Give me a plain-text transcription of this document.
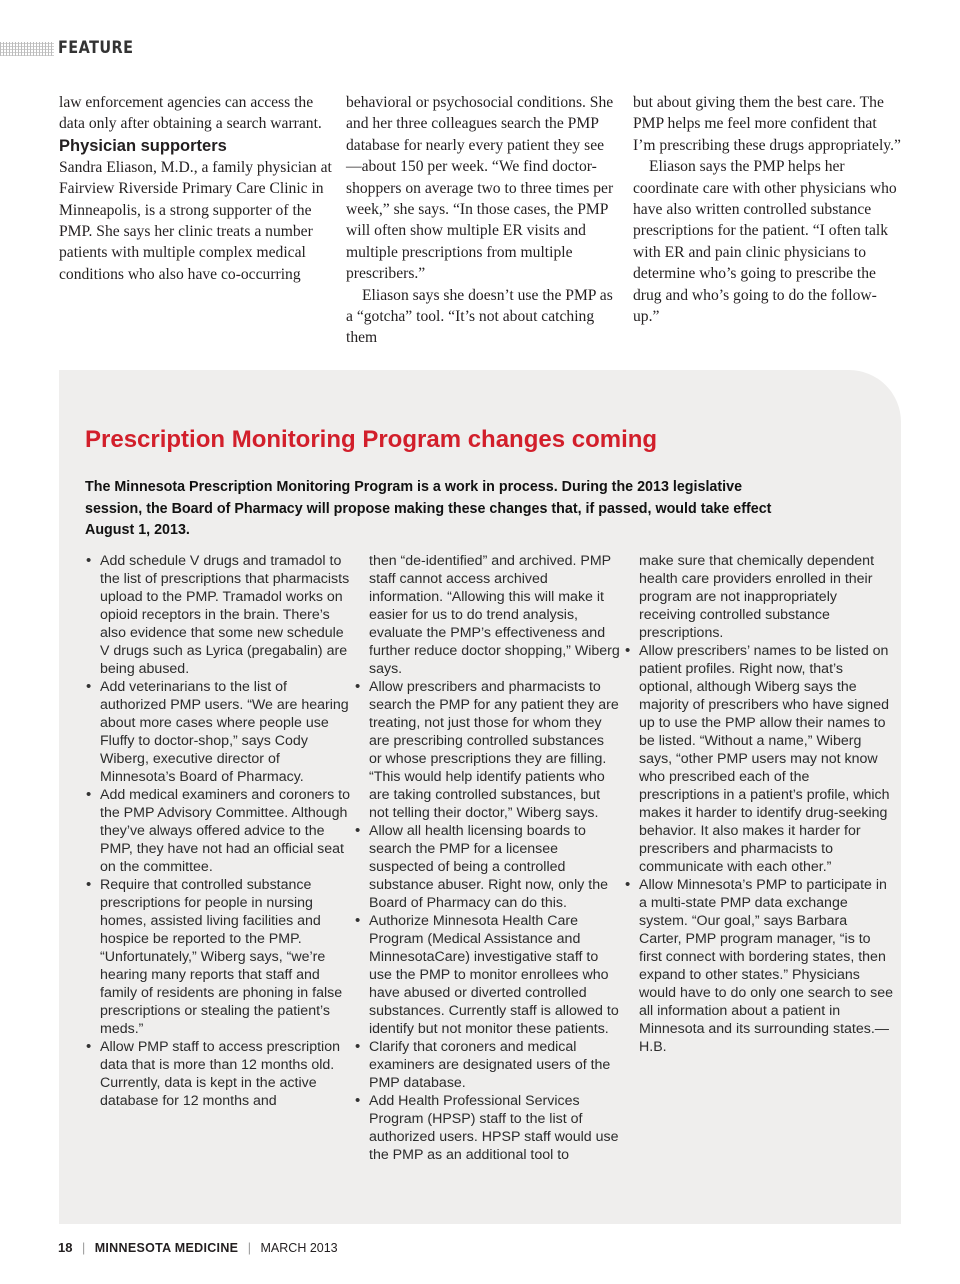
FEATURE

law enforcement agencies can access the data only after obtaining a search warrant.

Physician supporters

Sandra Eliason, M.D., a family physician at Fairview Riverside Primary Care Clinic in Minneapolis, is a strong supporter of the PMP. She says her clinic treats a number patients with multiple complex medical conditions who also have co-occurring

behavioral or psychosocial conditions. She and her three colleagues search the PMP database for nearly every patient they see—about 150 per week. “We find doctor-shoppers on average two to three times per week,” she says. “In those cases, the PMP will often show multiple ER visits and multiple prescriptions from multiple prescribers.”

Eliason says she doesn’t use the PMP as a “gotcha” tool. “It’s not about catching them

but about giving them the best care. The PMP helps me feel more confident that I’m prescribing these drugs appropriately.”

Eliason says the PMP helps her coordinate care with other physicians who have also written controlled substance prescriptions for the patient. “I often talk with ER and pain clinic physicians to determine who’s going to prescribe the drug and who’s going to do the follow-up.”

Prescription Monitoring Program changes coming

The Minnesota Prescription Monitoring Program is a work in process. During the 2013 legislative session, the Board of Pharmacy will propose making these changes that, if passed, would take effect August 1, 2013.

• Add schedule V drugs and tramadol to the list of prescriptions that pharmacists upload to the PMP. Tramadol works on opioid receptors in the brain. There’s also evidence that some new schedule V drugs such as Lyrica (pregabalin) are being abused.
• Add veterinarians to the list of authorized PMP users. “We are hearing about more cases where people use Fluffy to doctor-shop,” says Cody Wiberg, executive director of Minnesota’s Board of Pharmacy.
• Add medical examiners and coroners to the PMP Advisory Committee. Although they’ve always offered advice to the PMP, they have not had an official seat on the committee.
• Require that controlled substance prescriptions for people in nursing homes, assisted living facilities and hospice be reported to the PMP. “Unfortunately,” Wiberg says, “we’re hearing many reports that staff and family of residents are phoning in false prescriptions or stealing the patient’s meds.”
• Allow PMP staff to access prescription data that is more than 12 months old. Currently, data is kept in the active database for 12 months and

then “de-identified” and archived. PMP staff cannot access archived information. “Allowing this will make it easier for us to do trend analysis, evaluate the PMP’s effectiveness and further reduce doctor shopping,” Wiberg says.

• Allow prescribers and pharmacists to search the PMP for any patient they are treating, not just those for whom they are prescribing controlled substances or whose prescriptions they are filling. “This would help identify patients who are taking controlled substances, but not telling their doctor,” Wiberg says.
• Allow all health licensing boards to search the PMP for a licensee suspected of being a controlled substance abuser. Right now, only the Board of Pharmacy can do this.
• Authorize Minnesota Health Care Program (Medical Assistance and MinnesotaCare) investigative staff to use the PMP to monitor enrollees who have abused or diverted controlled substances. Currently staff is allowed to identify but not monitor these patients.
• Clarify that coroners and medical examiners are designated users of the PMP database.
• Add Health Professional Services Program (HPSP) staff to the list of authorized users. HPSP staff would use the PMP as an additional tool to

make sure that chemically dependent health care providers enrolled in their program are not inappropriately receiving controlled substance prescriptions.

• Allow prescribers’ names to be listed on patient profiles. Right now, that’s optional, although Wiberg says the majority of prescribers who have signed up to use the PMP allow their names to be listed. “Without a name,” Wiberg says, “other PMP users may not know who prescribed each of the prescriptions in a patient’s profile, which makes it harder to identify drug-seeking behavior. It also makes it harder for prescribers and pharmacists to communicate with each other.”
• Allow Minnesota’s PMP to participate in a multi-state PMP data exchange system. “Our goal,” says Barbara Carter, PMP program manager, “is to first connect with bordering states, then expand to other states.” Physicians would have to do only one search to see all information about a patient in Minnesota and its surrounding states.—H.B.
18 | MINNESOTA MEDICINE | MARCH 2013
